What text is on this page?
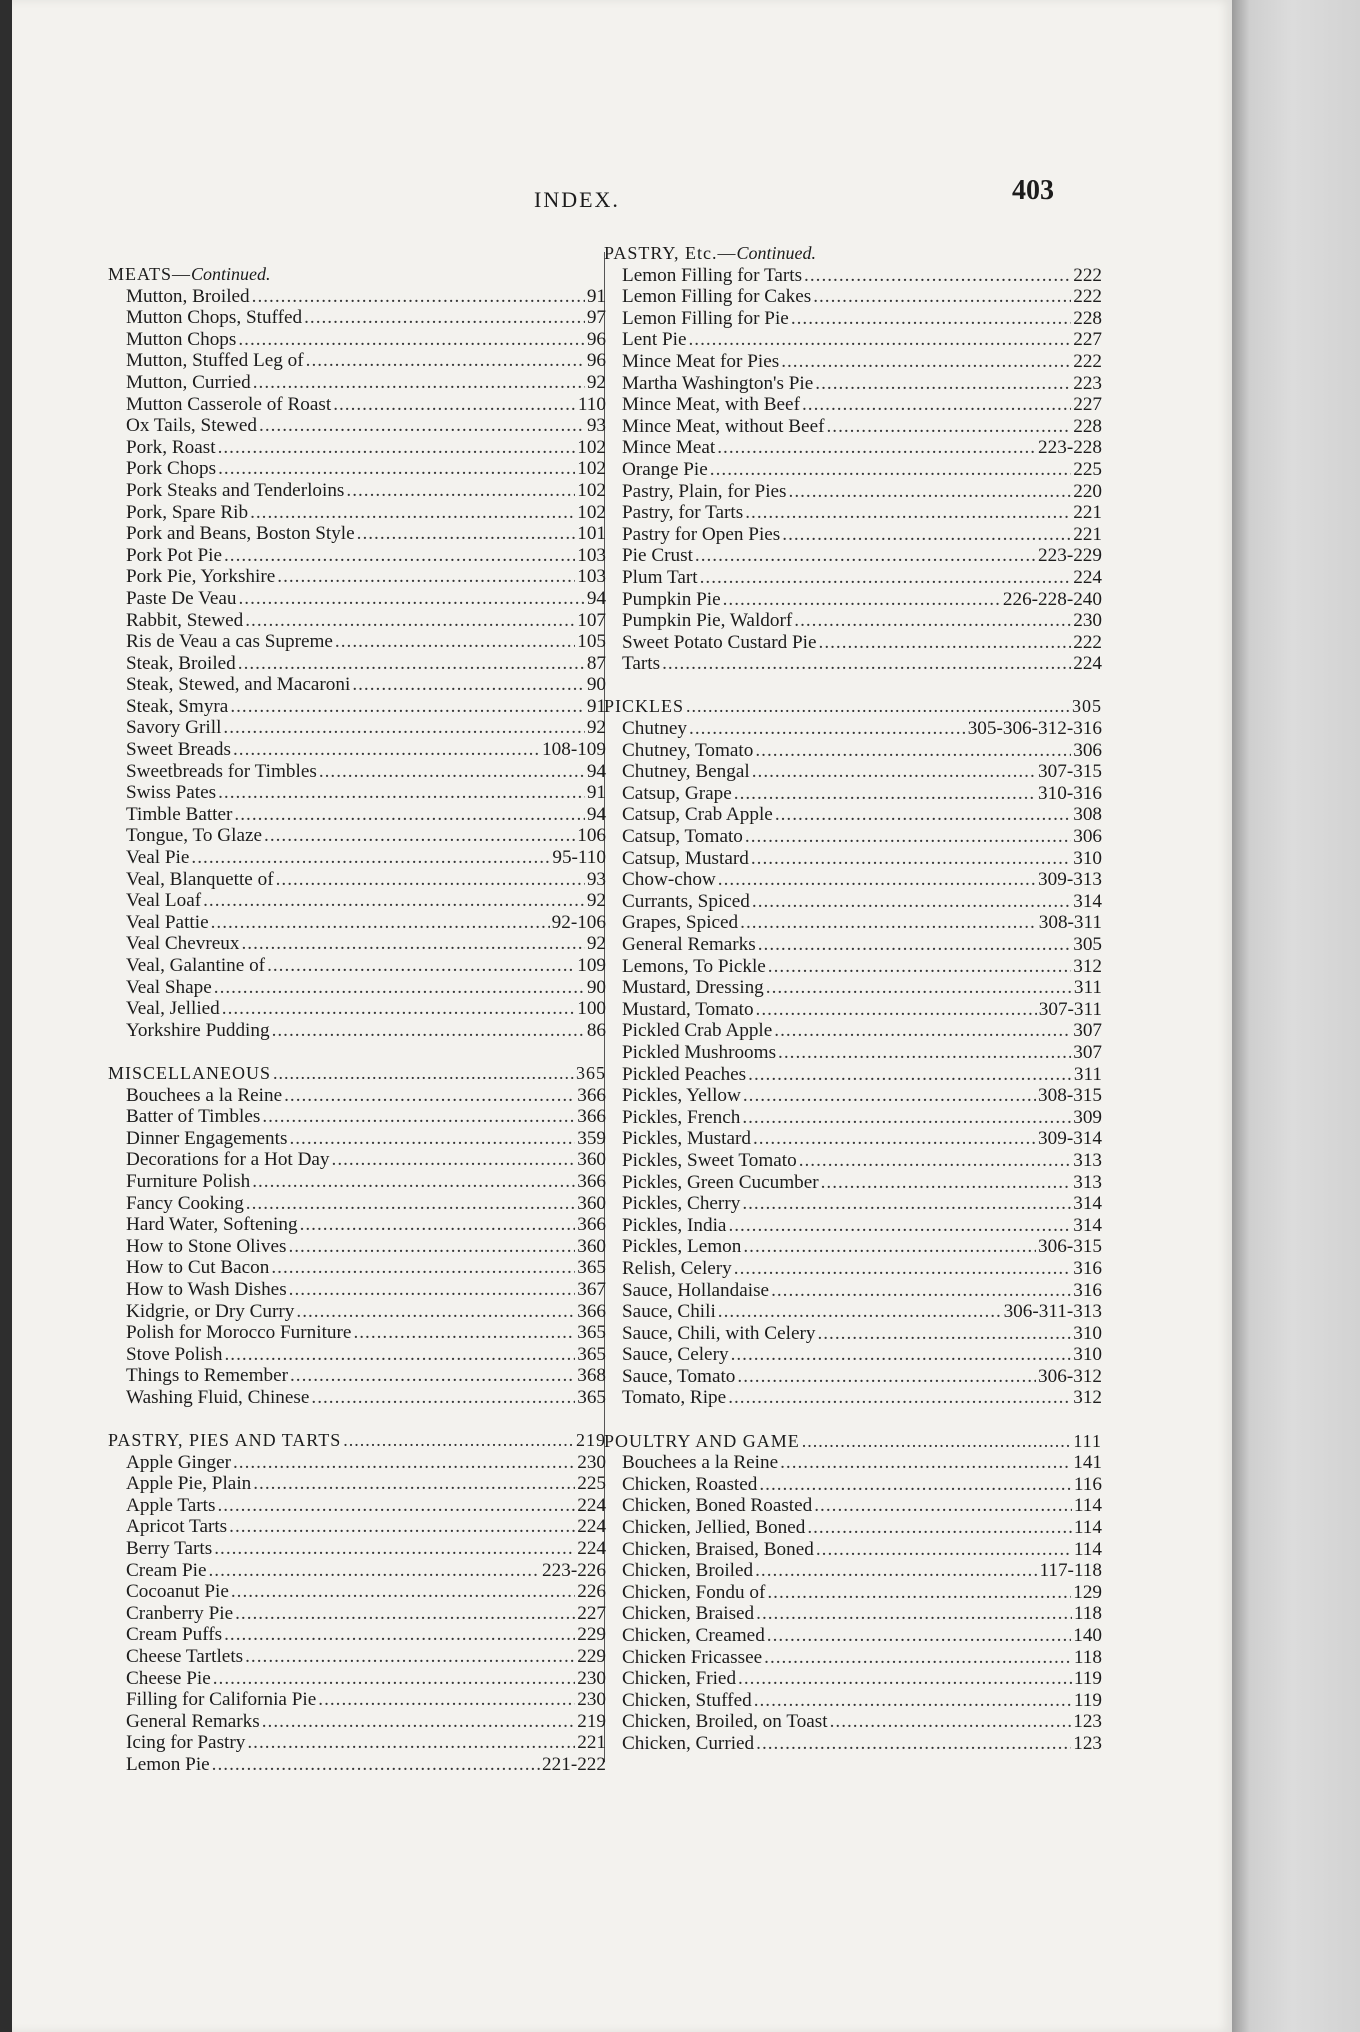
INDEX.	403
MEATS—Continued.
Mutton, Broiled .....	91
Mutton Chops, Stuffed .....	97
Mutton Chops .....	96
Mutton, Stuffed Leg of .....	96
Mutton, Curried .....	92
Mutton Casserole of Roast .....	110
Ox Tails, Stewed .....	93
Pork, Roast .....	102
Pork Chops .....	102
Pork Steaks and Tenderloins .....	102
Pork, Spare Rib .....	102
Pork and Beans, Boston Style .....	101
Pork Pot Pie .....	103
Pork Pie, Yorkshire .....	103
Paste De Veau .....	94
Rabbit, Stewed .....	107
Ris de Veau a cas Supreme .....	105
Steak, Broiled .....	87
Steak, Stewed, and Macaroni .....	90
Steak, Smyra .....	91
Savory Grill .....	92
Sweet Breads .....	108-109
Sweetbreads for Timbles .....	94
Swiss Pates .....	91
Timble Batter .....	94
Tongue, To Glaze .....	106
Veal Pie .....	95-110
Veal, Blanquette of .....	93
Veal Loaf .....	92
Veal Pattie .....	92-106
Veal Chevreux .....	92
Veal, Galantine of .....	109
Veal Shape .....	90
Veal, Jellied .....	100
Yorkshire Pudding .....	86
MISCELLANEOUS .....	365
Bouchees a la Reine .....	366
Batter of Timbles .....	366
Dinner Engagements .....	359
Decorations for a Hot Day .....	360
Furniture Polish .....	366
Fancy Cooking .....	360
Hard Water, Softening .....	366
How to Stone Olives .....	360
How to Cut Bacon .....	365
How to Wash Dishes .....	367
Kidgrie, or Dry Curry .....	366
Polish for Morocco Furniture .....	365
Stove Polish .....	365
Things to Remember .....	368
Washing Fluid, Chinese .....	365
PASTRY, PIES AND TARTS .....	219
Apple Ginger .....	230
Apple Pie, Plain .....	225
Apple Tarts .....	224
Apricot Tarts .....	224
Berry Tarts .....	224
Cream Pie .....	223-226
Cocoanut Pie .....	226
Cranberry Pie .....	227
Cream Puffs .....	229
Cheese Tartlets .....	229
Cheese Pie .....	230
Filling for California Pie .....	230
General Remarks .....	219
Icing for Pastry .....	221
Lemon Pie .....	221-222
PASTRY, Etc.—Continued.
Lemon Filling for Tarts .....	222
Lemon Filling for Cakes .....	222
Lemon Filling for Pie .....	228
Lent Pie .....	227
Mince Meat for Pies .....	222
Martha Washington's Pie .....	223
Mince Meat, with Beef .....	227
Mince Meat, without Beef .....	228
Mince Meat .....	223-228
Orange Pie .....	225
Pastry, Plain, for Pies .....	220
Pastry, for Tarts .....	221
Pastry for Open Pies .....	221
Pie Crust .....	223-229
Plum Tart .....	224
Pumpkin Pie .....	226-228-240
Pumpkin Pie, Waldorf .....	230
Sweet Potato Custard Pie .....	222
Tarts .....	224
PICKLES .....	305
Chutney .....	305-306-312-316
Chutney, Tomato .....	306
Chutney, Bengal .....	307-315
Catsup, Grape .....	310-316
Catsup, Crab Apple .....	308
Catsup, Tomato .....	306
Catsup, Mustard .....	310
Chow-chow .....	309-313
Currants, Spiced .....	314
Grapes, Spiced .....	308-311
General Remarks .....	305
Lemons, To Pickle .....	312
Mustard, Dressing .....	311
Mustard, Tomato .....	307-311
Pickled Crab Apple .....	307
Pickled Mushrooms .....	307
Pickled Peaches .....	311
Pickles, Yellow .....	308-315
Pickles, French .....	309
Pickles, Mustard .....	309-314
Pickles, Sweet Tomato .....	313
Pickles, Green Cucumber .....	313
Pickles, Cherry .....	314
Pickles, India .....	314
Pickles, Lemon .....	306-315
Relish, Celery .....	316
Sauce, Hollandaise .....	316
Sauce, Chili .....	306-311-313
Sauce, Chili, with Celery .....	310
Sauce, Celery .....	310
Sauce, Tomato .....	306-312
Tomato, Ripe .....	312
POULTRY AND GAME .....	111
Bouchees a la Reine .....	141
Chicken, Roasted .....	116
Chicken, Boned Roasted .....	114
Chicken, Jellied, Boned .....	114
Chicken, Braised, Boned .....	114
Chicken, Broiled .....	117-118
Chicken, Fondu of .....	129
Chicken, Braised .....	118
Chicken, Creamed .....	140
Chicken Fricassee .....	118
Chicken, Fried .....	119
Chicken, Stuffed .....	119
Chicken, Broiled, on Toast .....	123
Chicken, Curried .....	123
